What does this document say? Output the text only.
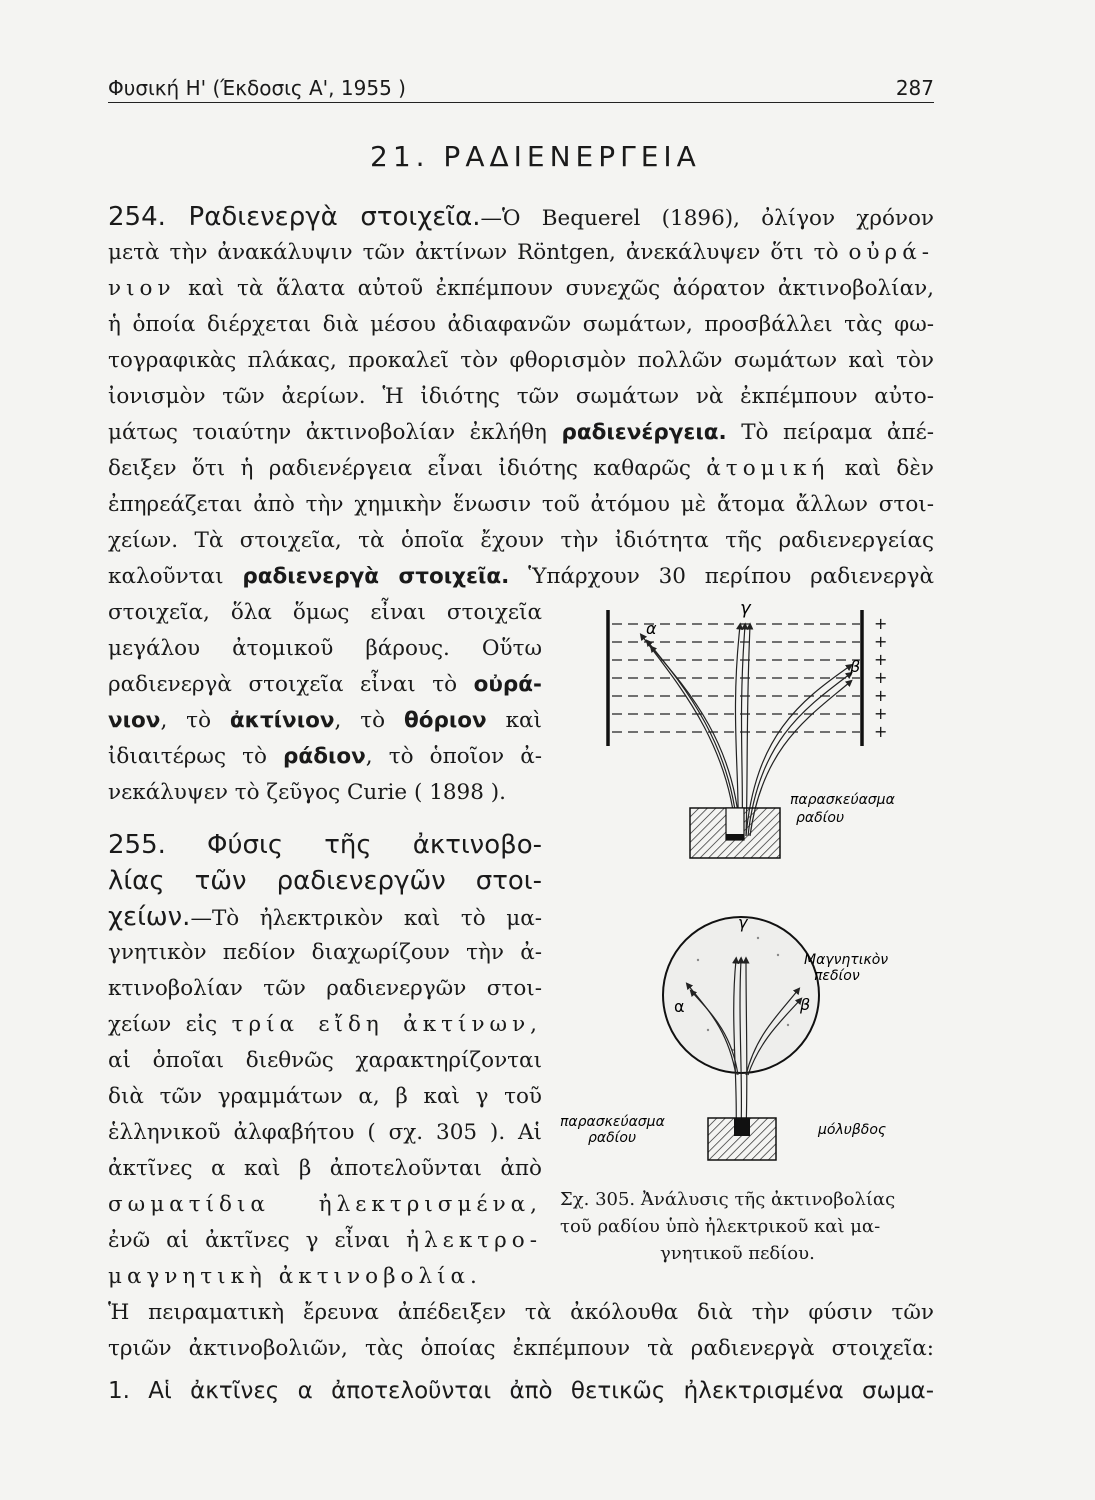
Φυσική Η' (Έκδοσις Α', 1955 )	287
21. ΡΑΔΙΕΝΕΡΓΕΙΑ
254. Ραδιενεργὰ στοιχεῖα.—Ὁ Bequerel (1896), ὀλίγον χρόνον
μετὰ τὴν ἀνακάλυψιν τῶν ἀκτίνων Röntgen, ἀνεκάλυψεν ὅτι τὸ οὐρά-
νιον καὶ τὰ ἅλατα αὐτοῦ ἐκπέμπουν συνεχῶς ἀόρατον ἀκτινοβολίαν,
ἡ ὁποία διέρχεται διὰ μέσου ἀδιαφανῶν σωμάτων, προσβάλλει τὰς φω-
τογραφικὰς πλάκας, προκαλεῖ τὸν φθορισμὸν πολλῶν σωμάτων καὶ τὸν
ἰονισμὸν τῶν ἀερίων. Ἡ ἰδιότης τῶν σωμάτων νὰ ἐκπέμπουν αὐτο-
μάτως τοιαύτην ἀκτινοβολίαν ἐκλήθη ραδιενέργεια. Τὸ πείραμα ἀπέ-
δειξεν ὅτι ἡ ραδιενέργεια εἶναι ἰδιότης καθαρῶς ἀτομική καὶ δὲν
ἐπηρεάζεται ἀπὸ τὴν χημικὴν ἕνωσιν τοῦ ἀτόμου μὲ ἄτομα ἄλλων στοι-
χείων. Τὰ στοιχεῖα, τὰ ὁποῖα ἔχουν τὴν ἰδιότητα τῆς ραδιενεργείας
καλοῦνται ραδιενεργὰ στοιχεῖα. Ὑπάρχουν 30 περίπου ραδιενεργὰ
στοιχεῖα, ὅλα ὅμως εἶναι στοιχεῖα
μεγάλου ἀτομικοῦ βάρους. Οὕτω
ραδιενεργὰ στοιχεῖα εἶναι τὸ οὐρά-
νιον, τὸ ἀκτίνιον, τὸ θόριον καὶ
ἰδιαιτέρως τὸ ράδιον, τὸ ὁποῖον ἀ-
νεκάλυψεν τὸ ζεῦγος Curie ( 1898 ).
255. Φύσις τῆς ἀκτινοβο-
λίας τῶν ραδιενεργῶν στοι-
χείων.—Τὸ ἠλεκτρικὸν καὶ τὸ μα-
γνητικὸν πεδίον διαχωρίζουν τὴν ἀ-
κτινοβολίαν τῶν ραδιενεργῶν στοι-
χείων εἰς τρία εἴδη ἀκτίνων,
αἱ ὁποῖαι διεθνῶς χαρακτηρίζονται
διὰ τῶν γραμμάτων α, β καὶ γ τοῦ
ἑλληνικοῦ ἀλφαβήτου ( σχ. 305 ). Αἱ
ἀκτῖνες α καὶ β ἀποτελοῦνται ἀπὸ
σωματίδια ἠλεκτρισμένα,
ἐνῶ αἱ ἀκτῖνες γ εἶναι ἠλεκτρο-
μαγνητικὴ ἀκτινοβολία.
Ἡ πειραματικὴ ἔρευνα ἀπέδειξεν τὰ ἀκόλουθα διὰ τὴν φύσιν τῶν
τριῶν ἀκτινοβολιῶν, τὰς ὁποίας ἐκπέμπουν τὰ ραδιενεργὰ στοιχεῖα:
1. Αἱ ἀκτῖνες α ἀποτελοῦνται ἀπὸ θετικῶς ἠλεκτρισμένα σωμα-
+
+
+
+
+
+
+
α
γ
β
παρασκεύασμα
ραδίου
γ
α	β
Μαγνητικὸν
πεδίον
παρασκεύασμα
ραδίου	μόλυβδος
Σχ. 305. Ἀνάλυσις τῆς ἀκτινοβολίας
τοῦ ραδίου ὑπὸ ἠλεκτρικοῦ καὶ μα-
γνητικοῦ πεδίου.
